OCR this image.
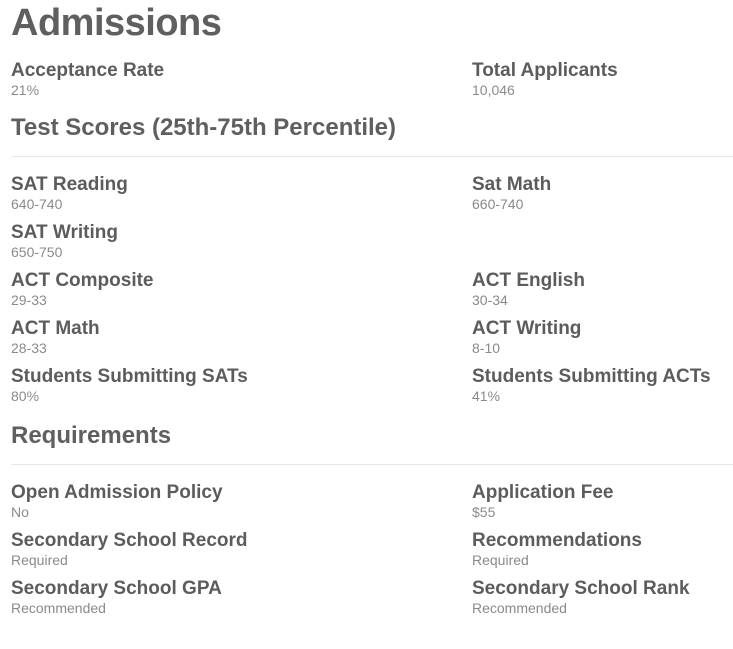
Admissions
Acceptance Rate
21%
Total Applicants
10,046
Test Scores (25th-75th Percentile)
SAT Reading
640-740
Sat Math
660-740
SAT Writing
650-750
ACT Composite
29-33
ACT English
30-34
ACT Math
28-33
ACT Writing
8-10
Students Submitting SATs
80%
Students Submitting ACTs
41%
Requirements
Open Admission Policy
No
Application Fee
$55
Secondary School Record
Required
Recommendations
Required
Secondary School GPA
Recommended
Secondary School Rank
Recommended
